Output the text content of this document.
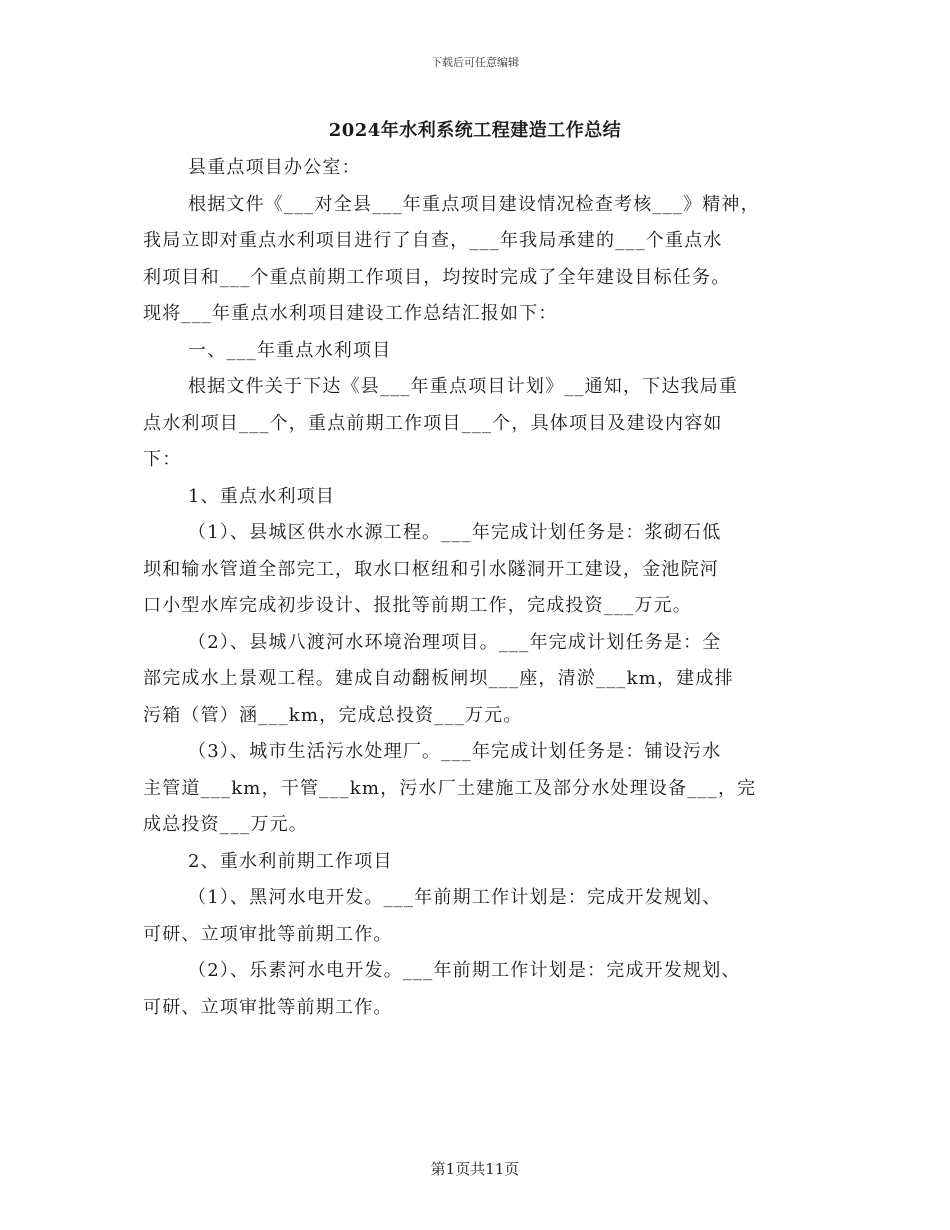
下载后可任意编辑
2024年水利系统工程建造工作总结
县重点项目办公室：
根据文件《___对全县___年重点项目建设情况检查考核___》精神，
我局立即对重点水利项目进行了自查，___年我局承建的___个重点水
利项目和___个重点前期工作项目，均按时完成了全年建设目标任务。
现将___年重点水利项目建设工作总结汇报如下：
一、___年重点水利项目
根据文件关于下达《县___年重点项目计划》__通知，下达我局重
点水利项目___个，重点前期工作项目___个，具体项目及建设内容如
下：
1、重点水利项目
（1）、县城区供水水源工程。___年完成计划任务是：浆砌石低
坝和输水管道全部完工，取水口枢纽和引水隧洞开工建设，金池院河
口小型水库完成初步设计、报批等前期工作，完成投资___万元。
（2）、县城八渡河水环境治理项目。___年完成计划任务是：全
部完成水上景观工程。建成自动翻板闸坝___座，清淤___km，建成排
污箱（管）涵___km，完成总投资___万元。
（3）、城市生活污水处理厂。___年完成计划任务是：铺设污水
主管道___km，干管___km，污水厂土建施工及部分水处理设备___，完
成总投资___万元。
2、重水利前期工作项目
（1）、黑河水电开发。___年前期工作计划是：完成开发规划、
可研、立项审批等前期工作。
（2）、乐素河水电开发。___年前期工作计划是：完成开发规划、
可研、立项审批等前期工作。
第1页共11页
